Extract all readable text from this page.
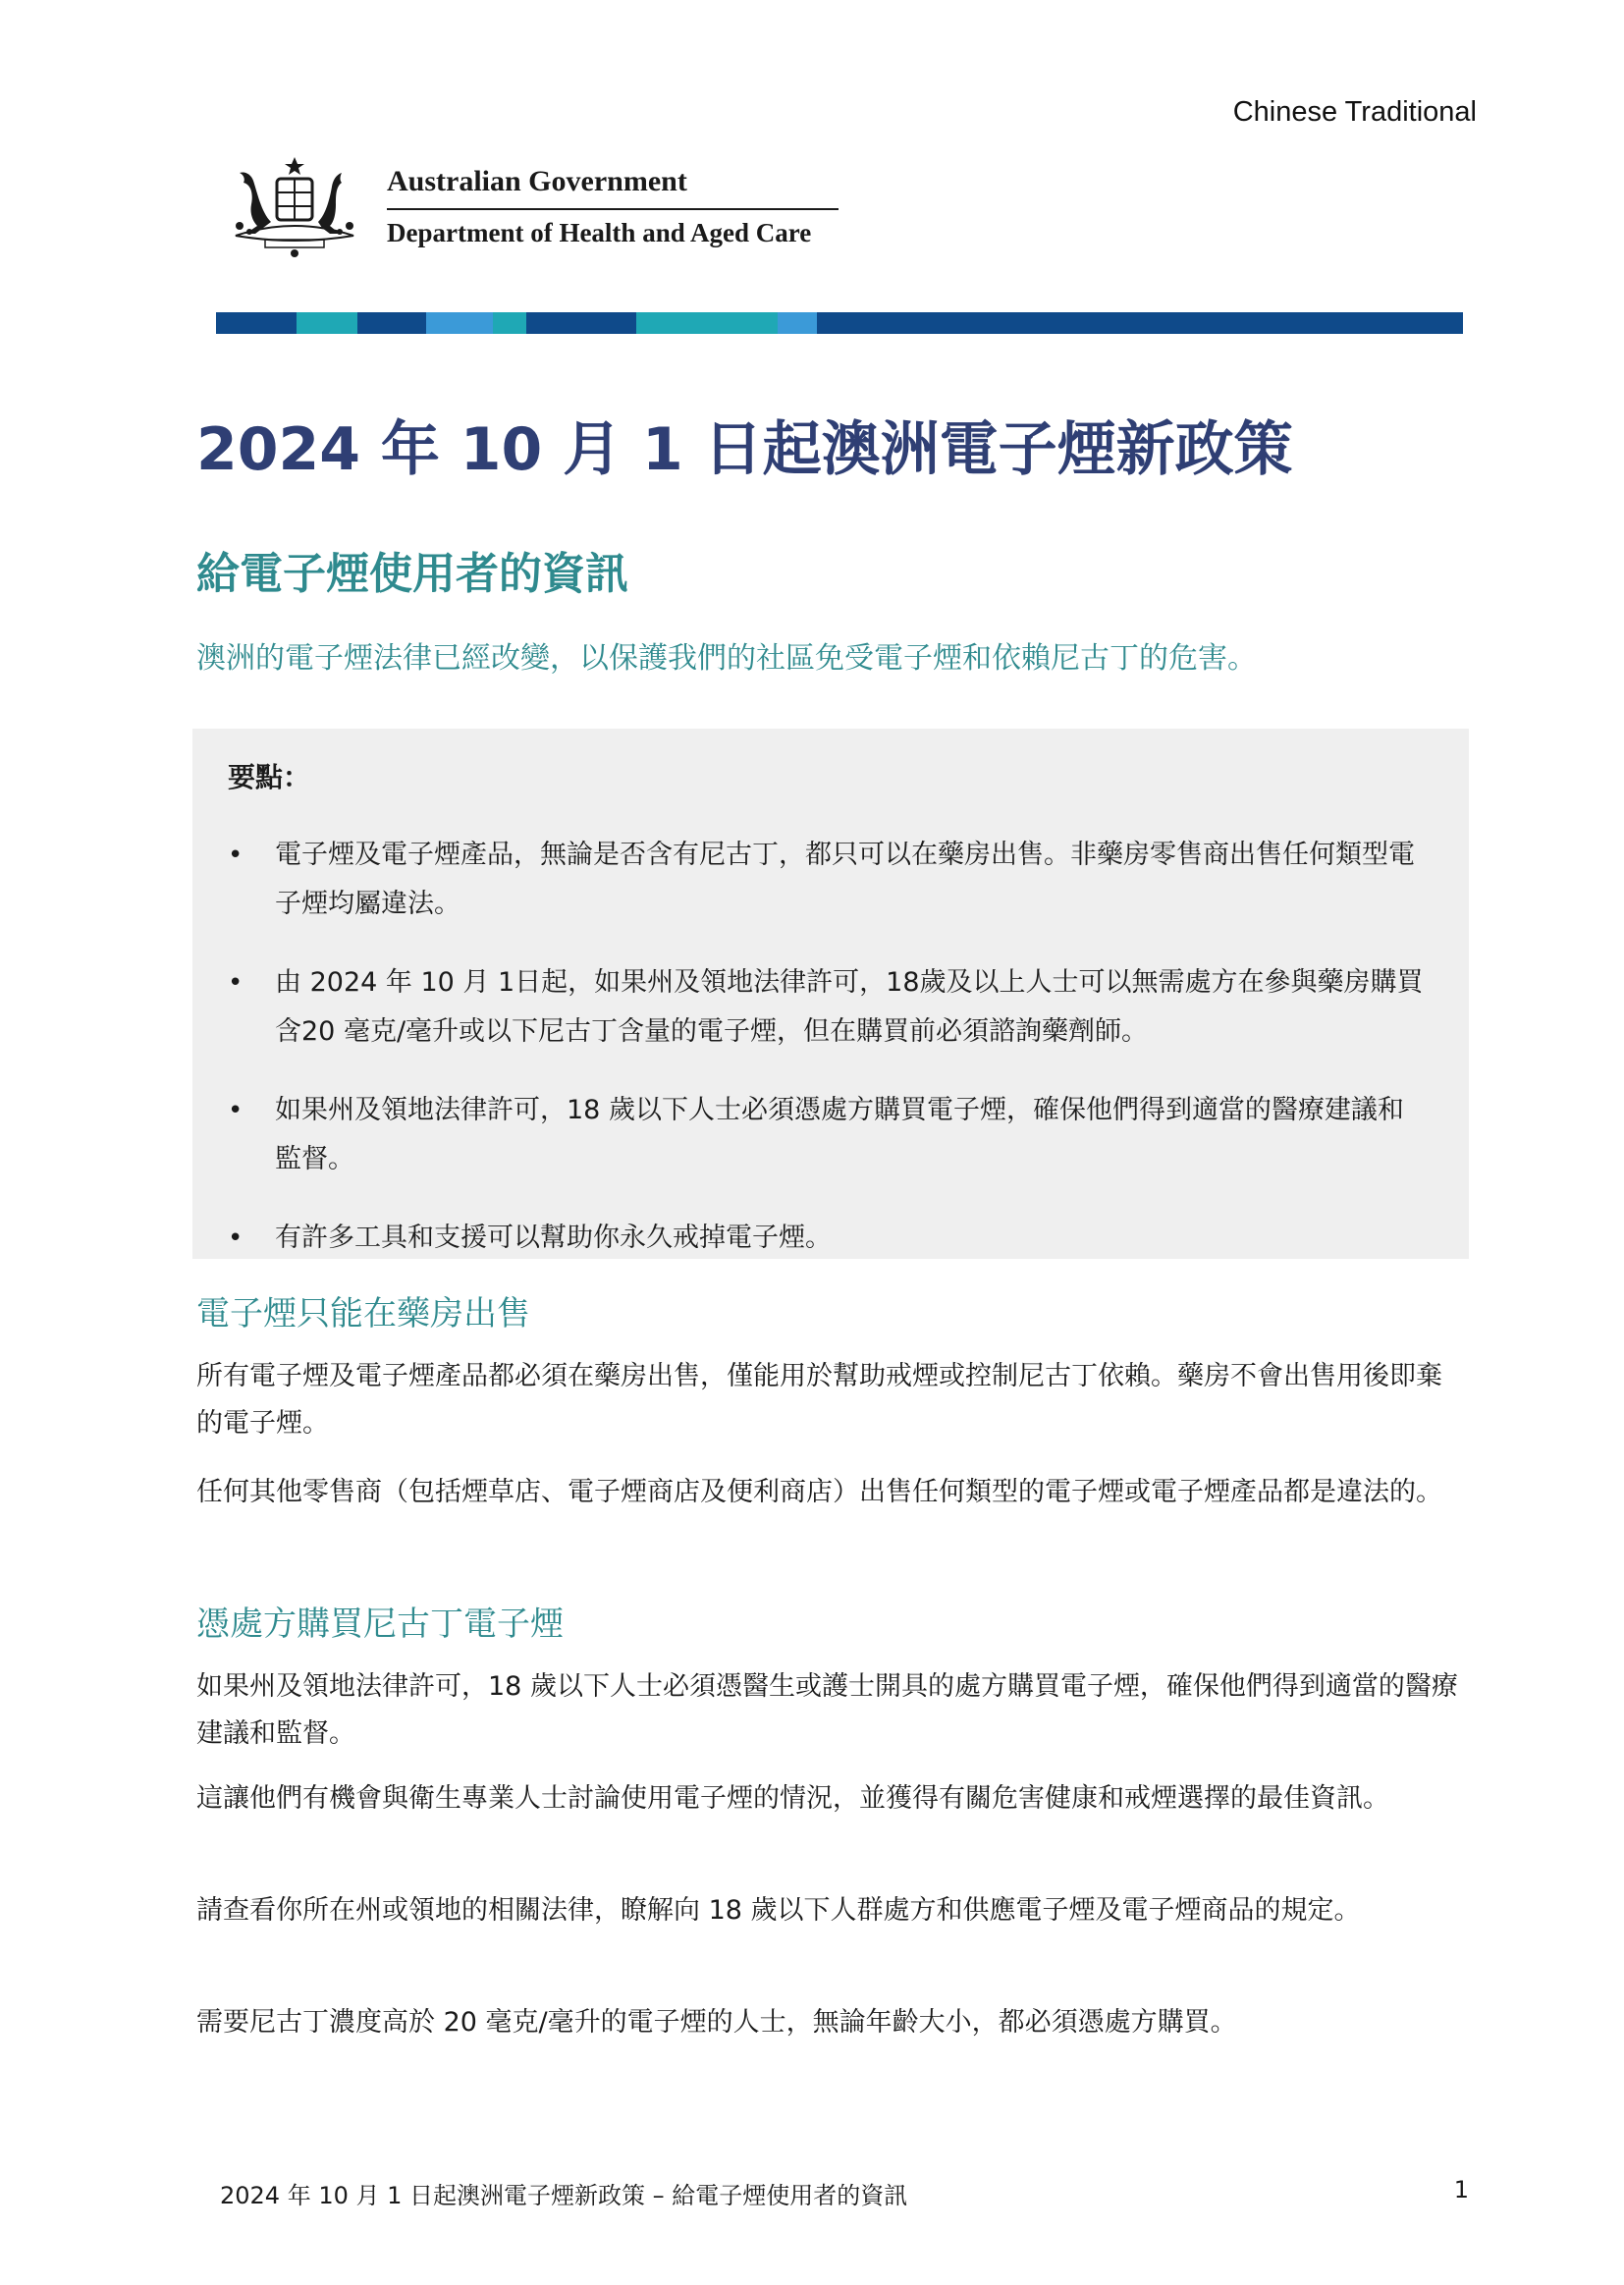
Chinese Traditional
Australian Government
Department of Health and Aged Care
2024 年 10 月 1 日起澳洲電子煙新政策
給電子煙使用者的資訊

澳洲的電子煙法律已經改變，以保護我們的社區免受電子煙和依賴尼古丁的危害。

要點：

• 電子煙及電子煙產品，無論是否含有尼古丁，都只可以在藥房出售。非藥房零售商出售任何類型電子煙均屬違法。
• 由 2024 年 10 月 1日起，如果州及領地法律許可，18歲及以上人士可以無需處方在參與藥房購買含20 毫克/毫升或以下尼古丁含量的電子煙，但在購買前必須諮詢藥劑師。
• 如果州及領地法律許可，18 歲以下人士必須憑處方購買電子煙，確保他們得到適當的醫療建議和監督。
• 有許多工具和支援可以幫助你永久戒掉電子煙。
電子煙只能在藥房出售

所有電子煙及電子煙產品都必須在藥房出售，僅能用於幫助戒煙或控制尼古丁依賴。藥房不會出售用後即棄的電子煙。

任何其他零售商（包括煙草店、電子煙商店及便利商店）出售任何類型的電子煙或電子煙產品都是違法的。

憑處方購買尼古丁電子煙

如果州及領地法律許可，18 歲以下人士必須憑醫生或護士開具的處方購買電子煙，確保他們得到適當的醫療建議和監督。

這讓他們有機會與衛生專業人士討論使用電子煙的情況，並獲得有關危害健康和戒煙選擇的最佳資訊。

請查看你所在州或領地的相關法律，瞭解向 18 歲以下人群處方和供應電子煙及電子煙商品的規定。

需要尼古丁濃度高於 20 毫克/毫升的電子煙的人士，無論年齡大小，都必須憑處方購買。

2024 年 10 月 1 日起澳洲電子煙新政策 – 給電子煙使用者的資訊	1
